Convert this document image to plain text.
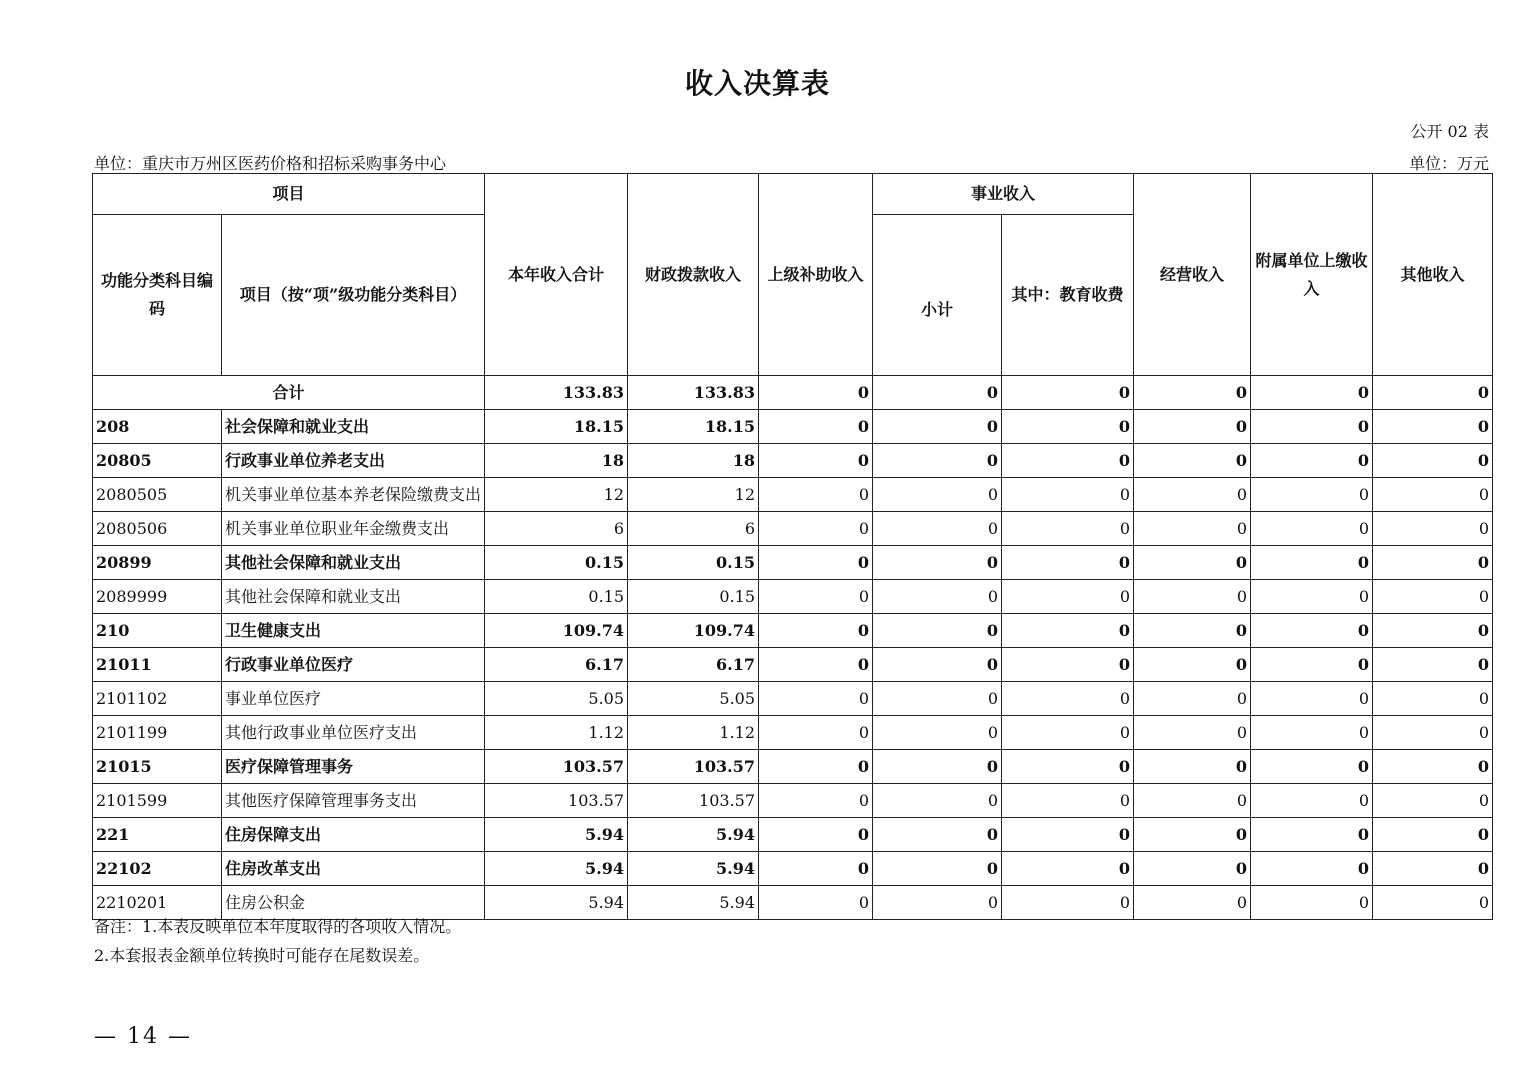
收入决算表
公开 02 表
单位：重庆市万州区医药价格和招标采购事务中心	单位：万元
项目		本年收入合计	财政拨款收入	上级补助收入	事业收入		经营收入	附属单位上缴收入	其他收入
功能分类科目编码	项目（按“项”级功能分类科目）				小计	其中：教育收费			
合计		133.83	133.83	0	0	0	0	0	0
208	社会保障和就业支出	18.15	18.15	0	0	0	0	0	0
20805	行政事业单位养老支出	18	18	0	0	0	0	0	0
2080505	机关事业单位基本养老保险缴费支出	12	12	0	0	0	0	0	0
2080506	机关事业单位职业年金缴费支出	6	6	0	0	0	0	0	0
20899	其他社会保障和就业支出	0.15	0.15	0	0	0	0	0	0
2089999	其他社会保障和就业支出	0.15	0.15	0	0	0	0	0	0
210	卫生健康支出	109.74	109.74	0	0	0	0	0	0
21011	行政事业单位医疗	6.17	6.17	0	0	0	0	0	0
2101102	事业单位医疗	5.05	5.05	0	0	0	0	0	0
2101199	其他行政事业单位医疗支出	1.12	1.12	0	0	0	0	0	0
21015	医疗保障管理事务	103.57	103.57	0	0	0	0	0	0
2101599	其他医疗保障管理事务支出	103.57	103.57	0	0	0	0	0	0
221	住房保障支出	5.94	5.94	0	0	0	0	0	0
22102	住房改革支出	5.94	5.94	0	0	0	0	0	0
2210201	住房公积金	5.94	5.94	0	0	0	0	0	0
备注：1.本表反映单位本年度取得的各项收入情况。
2.本套报表金额单位转换时可能存在尾数误差。
— 14 —
